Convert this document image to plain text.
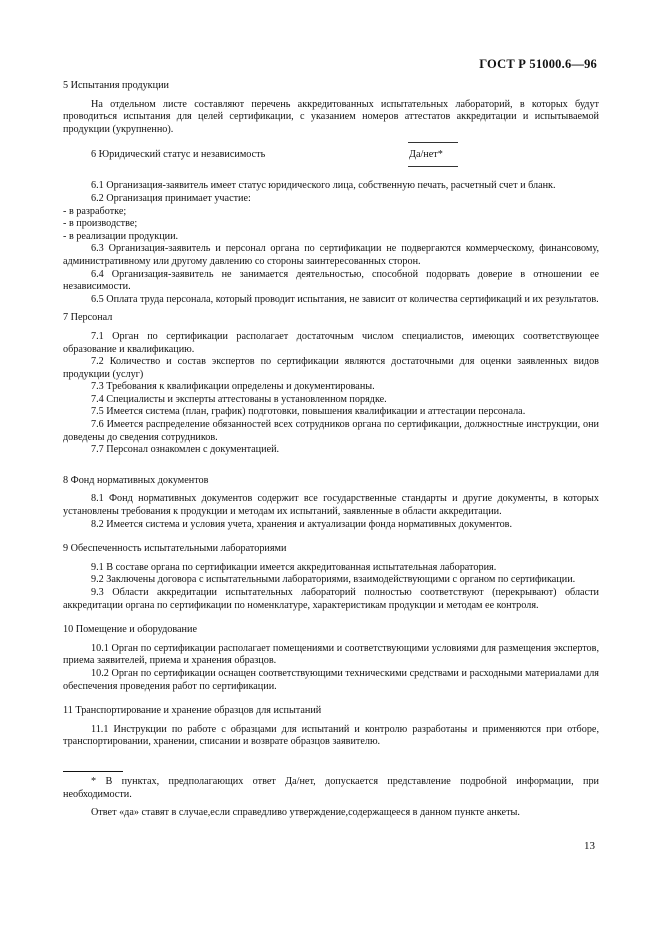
ГОСТ Р 51000.6—96

5 Испытания продукции

На отдельном листе составляют перечень аккредитованных испытательных лабораторий, в которых будут проводиться испытания для целей сертификации, с указанием номеров аттестатов аккредитации и испытываемой продукции (укрупненно).

6 Юридический статус и независимость	Да/нет*

6.1 Организация-заявитель имеет статус юридического лица, собственную печать, расчетный счет и бланк.

6.2 Организация принимает участие:

- в разработке;

- в производстве;

- в реализации продукции.

6.3 Организация-заявитель и персонал органа по сертификации не подвергаются коммерческому, финансовому, административному или другому давлению со стороны заинтересованных сторон.

6.4 Организация-заявитель не занимается деятельностью, способной подорвать доверие в отношении ее независимости.

6.5 Оплата труда персонала, который проводит испытания, не зависит от количества сертификаций и их результатов.

7 Персонал

7.1 Орган по сертификации располагает достаточным числом специалистов, имеющих соответствующее образование и квалификацию.

7.2 Количество и состав экспертов по сертификации являются достаточными для оценки заявленных видов продукции (услуг)

7.3 Требования к квалификации определены и документированы.

7.4 Специалисты и эксперты аттестованы в установленном порядке.

7.5 Имеется система (план, график) подготовки, повышения квалификации и аттестации персонала.

7.6 Имеется распределение обязанностей всех сотрудников органа по сертификации, должностные инструкции, они доведены до сведения сотрудников.

7.7 Персонал ознакомлен с документацией.

8 Фонд нормативных документов

8.1 Фонд нормативных документов содержит все государственные стандарты и другие документы, в которых установлены требования к продукции и методам их испытаний, заявленные в области аккредитации.

8.2 Имеется система и условия учета, хранения и актуализации фонда нормативных документов.

9 Обеспеченность испытательными лабораториями

9.1 В составе органа по сертификации имеется аккредитованная испытательная лаборатория.

9.2 Заключены договора с испытательными лабораториями, взаимодействующими с органом по сертификации.

9.3 Области аккредитации испытательных лабораторий полностью соответствуют (перекрывают) области аккредитации органа по сертификации по номенклатуре, характеристикам продукции и методам ее контроля.

10 Помещение и оборудование

10.1 Орган по сертификации располагает помещениями и соответствующими условиями для размещения экспертов, приема заявителей, приема и хранения образцов.

10.2 Орган по сертификации оснащен соответствующими техническими средствами и расходными материалами для обеспечения проведения работ по сертификации.

11 Транспортирование и хранение образцов для испытаний

11.1 Инструкции по работе с образцами для испытаний и контролю разработаны и применяются при отборе, транспортировании, хранении, списании и возврате образцов заявителю.

* В пунктах, предполагающих ответ Да/нет, допускается представление подробной информации, при необходимости.

Ответ «да» ставят в случае,если справедливо утверждение,содержащееся в данном пункте анкеты.

13
